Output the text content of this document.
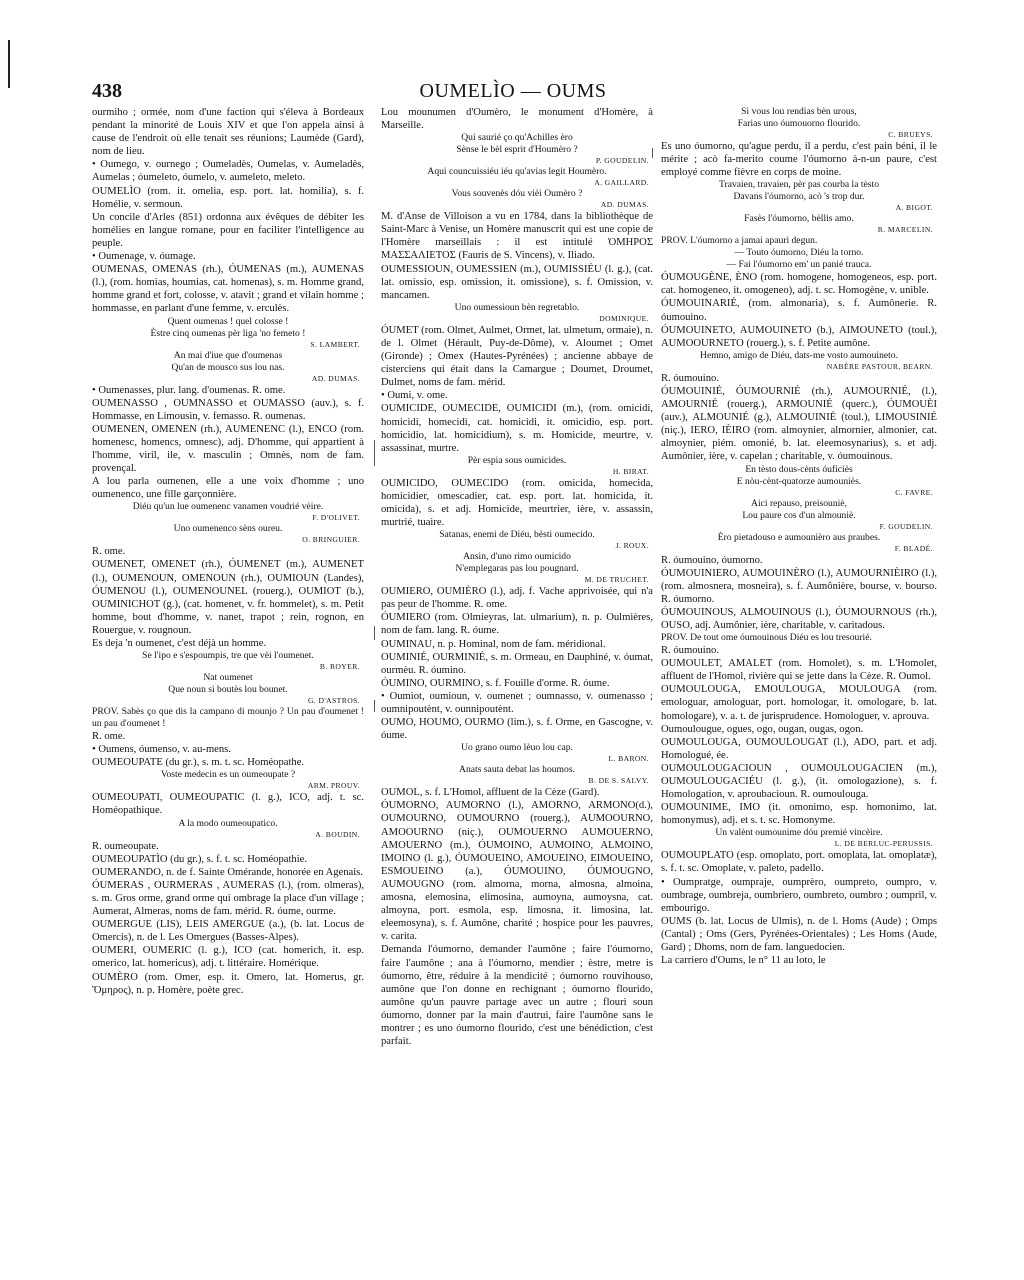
438	OUMELÌO — OUMS

ourmiho ; ormée, nom d'une faction qui s'éleva à Bordeaux pendant la minorité de Louis XIV et que l'on appela ainsi à cause de l'endroit où elle tenait ses réunions; Laumède (Gard), nom de lieu.

• Oumego, v. ournego ; Oumeladès, Oumelas, v. Aumeladès, Aumelas ; óumeleto, óumelo, v. aumeleto, meleto.

OUMELÌO (rom. it. omelia, esp. port. lat. homilia), s. f. Homélie, v. sermoun.

Un concile d'Arles (851) ordonna aux évêques de débiter les homélies en langue romane, pour en faciliter l'intelligence au peuple.

• Oumenage, v. óumage.

OUMENAS, OMENAS (rh.), ÓUMENAS (m.), AUMENAS (l.), (rom. homias, houmias, cat. homenas), s. m. Homme grand, homme grand et fort, colosse, v. atavit ; grand et vilain homme ; hommasse, en parlant d'une femme, v. erculès.

Quent oumenas ! quel colosse !

Èstre cinq oumenas pèr liga 'no femeto !

S. LAMBERT.

An mai d'iue que d'oumenas

Qu'an de mousco sus lou nas.

AD. DUMAS.

• Oumenasses, plur. lang. d'oumenas. R. ome.

OUMENASSO , OUMNASSO et OUMASSO (auv.), s. f. Hommasse, en Limousin, v. femasso. R. oumenas.

OUMENEN, OMENEN (rh.), AUMENENC (l.), ENCO (rom. homenesc, homencs, omnesc), adj. D'homme, qui appartient à l'homme, viril, ile, v. masculin ; Omnès, nom de fam. provençal.

A lou parla oumenen, elle a une voix d'homme ; uno oumenenco, une fille garçonnière.

Diéu qu'un lue oumenenc vanamen voudrié vèire.

F. D'OLIVET.

Uno oumenenco sèns oureu.

O. BRINGUIER.

R. ome.

OUMENET, OMENET (rh.), ÓUMENET (m.), AUMENET (l.), OUMENOUN, OMENOUN (rh.), OUMIOUN (Landes), ÓUMENOU (l.), OUMENOUNEL (rouerg.), OUMIOT (b.), OUMINICHOT (g.), (cat. homenet, v. fr. hommelet), s. m. Petit homme, bout d'homme, v. nanet, trapot ; rein, rognon, en Rouergue, v. rougnoun.

Es deja 'n oumenet, c'est déjà un homme.

Se l'ipo e s'espoumpis, tre que vèi l'oumenet.

B. ROYER.

Nat oumenet

Que noun si boutès lou bounet.

G. D'ASTROS.

PROV. Sabès ço que dis la campano di mounjo ? Un pau d'oumenet ! un pau d'oumenet !

R. ome.

• Oumens, óumenso, v. au-mens.

OUMEOUPATE (du gr.), s. m. t. sc. Homéopathe.

Voste medecin es un oumeoupate ?

ARM. PROUV.

OUMEOUPATI, OUMEOUPATIC (l. g.), ICO, adj. t. sc. Homéopathique.

A la modo oumeoupatico.

A. BOUDIN.

R. oumeoupate.

OUMEOUPATÌO (du gr.), s. f. t. sc. Homéopathie.

OUMERANDO, n. de f. Sainte Omérande, honorée en Agenais.

ÓUMERAS , OURMERAS , AUMERAS (l.), (rom. olmeras), s. m. Gros orme, grand orme qui ombrage la place d'un village ; Aumerat, Almeras, noms de fam. mérid. R. óume, ourme.

OUMERGUE (LIS), LEIS AMERGUE (a.), (b. lat. Locus de Omercis), n. de l. Les Omergues (Basses-Alpes).

OUMERI, OUMERIC (l. g.), ICO (cat. homerich, it. esp. omerico, lat. homericus), adj. t. littéraire. Homérique.

OUMÈRO (rom. Omer, esp. it. Omero, lat. Homerus, gr. Ὅμηρος), n. p. Homère, poète grec.

Lou mounumen d'Oumèro, le monument d'Homère, à Marseille.

Qui saurié ço qu'Achilles èro

Sènse le bèl esprit d'Houmèro ?

P. GOUDELIN.

Aqui councuissiéu iéu qu'avias legit Houmèro.

A. GAILLARD.

Vous souvenès dóu vièi Oumèro ?

AD. DUMAS.

M. d'Anse de Villoison a vu en 1784, dans la bibliothèque de Saint-Marc à Venise, un Homère manuscrit qui est une copie de l'Homère marseillais : il est intitulé ὉΜΗΡΟΣ ΜΑΣΣΑΛΙΕΤΟΣ (Fauris de S. Vincens), v. Iliado.

OUMESSIOUN, OUMESSIEN (m.), OUMISSIÉU (l. g.), (cat. lat. omissio, esp. omission, it. omissione), s. f. Omission, v. mancamen.

Uno oumessioun bèn regretablo.

DOMINIQUE.

ÓUMET (rom. Olmet, Aulmet, Ormet, lat. ulmetum, ormaie), n. de l. Olmet (Hérault, Puy-de-Dôme), v. Aloumet ; Omet (Gironde) ; Omex (Hautes-Pyrénées) ; ancienne abbaye de cisterciens qui était dans la Camargue ; Doumet, Droumet, Dulmet, noms de fam. mérid.

• Oumi, v. ome.

OUMICIDE, OUMECIDE, OUMICIDI (m.), (rom. omicidi, homicidi, homecidi, cat. homicidi, it. omicidio, esp. port. homicidio, lat. homicidium), s. m. Homicide, meurtre, v. assassinat, murtre.

Pèr espia sous oumicides.

H. BIRAT.

OUMICIDO, OUMECIDO (rom. omicida, homecida, homicidier, omescadier, cat. esp. port. lat. homicida, it. omicida), s. et adj. Homicide, meurtrier, ière, v. assassin, murtrié, tuaire.

Satanas, enemi de Diéu, bèsti oumecido.

J. ROUX.

Ansin, d'uno rimo oumicido

N'emplegaras pas lou pougnard.

M. DE TRUCHET.

OUMIERO, OUMIÈRO (l.), adj. f. Vache apprivoisée, qui n'a pas peur de l'homme. R. ome.

ÓUMIERO (rom. Olmieyras, lat. ulmarium), n. p. Oulmières, nom de fam. lang. R. óume.

OUMINAU, n. p. Hominal, nom de fam. méridional.

OUMINIÉ, OURMINIÉ, s. m. Ormeau, en Dauphiné, v. óumat, ourmèu. R. óumino.

ÓUMINO, OURMINO, s. f. Fouille d'orme. R. óume.

• Oumiot, oumioun, v. oumenet ; oumnasso, v. oumenasso ; oumnipoutènt, v. ounnipoutènt.

OUMO, HOUMO, OURMO (lim.), s. f. Orme, en Gascogne, v. óume.

Uo grano oumo lèuo lou cap.

L. BARON.

Anats sauta debat las houmos.

B. DE S. SALVY.

OUMOL, s. f. L'Homol, affluent de la Cèze (Gard).

ÓUMORNO, AUMORNO (l.), AMORNO, ARMONO(d.), OUMOURNO, OUMOURNO (rouerg.), AUMOOURNO, AMOOURNO (niç.), OUMOUERNO AUMOUERNO, AMOUERNO (m.), ÓUMOINO, AUMOINO, ALMOINO, IMOINO (l. g.), ÓUMOUEINO, AMOUEINO, EIMOUEINO, ESMOUEINO (a.), ÓUMOUINO, ÓUMOUGNO, AUMOUGNO (rom. almorna, morna, almosna, almoina, amosna, elemosina, elimosina, aumoyna, aumoysna, cat. almoyna, port. esmola, esp. limosna, it. limosina, lat. eleemosyna), s. f. Aumône, charité ; hospice pour les pauvres, v. carita.

Demanda l'óumorno, demander l'aumône ; faire l'óumorno, faire l'aumône ; ana à l'óumorno, mendier ; èstre, metre is óumorno, être, réduire à la mendicité ; óumorno rouvihouso, aumône que l'on donne en rechignant ; óumorno flourido, aumône qu'un pauvre partage avec un autre ; flouri soun óumorno, donner par la main d'autrui, faire l'aumône sans le montrer ; es uno óumorno flourido, c'est une bénédiction, c'est parfait.

Si vous lou rendias bèn urous,

Farias uno óumouorno flourido.

C. BRUEYS.

Es uno óumorno, qu'ague perdu, il a perdu, c'est pain béni, il le mérite ; acò fa-merito coume l'óumorno à-n-un paure, c'est employé comme fièvre en corps de moine.

Travaien, travaien, pèr pas courba la tèsto

Davans l'óumorno, acò 's trop dur.

A. BIGOT.

Fasès l'óumorno, bèllis amo.

R. MARCELIN.

PROV. L'óumorno a jamai apauri degun.

— Touto óumorno, Diéu la torno.

— Fai l'óumorno em' un panié trauca.

ÓUMOUGÈNE, ÈNO (rom. homogene, homogeneos, esp. port. cat. homogeneo, it. omogeneo), adj. t. sc. Homogène, v. unible.

ÓUMOUINARIÉ, (rom. almonaria), s. f. Aumônerie. R. óumouino.

ÓUMOUINETO, AUMOUINETO (b.), AIMOUNETO (toul.), AUMOOURNETO (rouerg.), s. f. Petite aumône.

Hemno, amigo de Diéu, dats-me vosto aumouineto.

NABÈRE PASTOUR, BEARN.

R. óumouino.

ÓUMOUINIÉ, ÓUMOURNIÉ (rh.), AUMOURNIÉ, (l.), AMOURNIÉ (rouerg.), ARMOUNIÉ (querc.), ÓUMOUÈI (auv.), ALMOUNIÉ (g.), ALMOUINIÉ (toul.), LIMOUSINIÉ (niç.), IERO, IÈIRO (rom. almoynier, almornier, almonier, cat. almoynier, piém. omonié, b. lat. eleemosynarius), s. et adj. Aumônier, ière, v. capelan ; charitable, v. óumouinous.

En tèsto dous-cènts óuficiès

E nòu-cènt-quatorze aumouniès.

C. FAVRE.

Aici repauso, preisouniè,

Lou paure cos d'un almouniè.

F. GOUDELIN.

Èro pietadouso e aumounièro aus praubes.

F. BLADÉ.

R. óumouino, óumorno.

ÓUMOUINIERO, AUMOUINÈRO (l.), AUMOURNIÈIRO (l.), (rom. almosnera, mosneira), s. f. Aumônière, bourse, v. bourso. R. óumorno.

ÓUMOUINOUS, ALMOUINOUS (l.), ÓUMOURNOUS (rh.), OUSO, adj. Aumônier, ière, charitable, v. caritadous.

PROV. De tout ome óumouinous Diéu es lou tresourié.

R. óumouino.

OUMOULET, AMALET (rom. Homolet), s. m. L'Homolet, affluent de l'Homol, rivière qui se jette dans la Cèze. R. Oumol.

OUMOULOUGA, EMOULOUGA, MOULOUGA (rom. emologuar, amologuar, port. homologar, it. omologare, b. lat. homologare), v. a. t. de jurisprudence. Homologuer, v. aprouva.

Oumoulougue, ogues, ogo, ougan, ougas, ogon.

OUMOULOUGA, OUMOULOUGAT (l.), ADO, part. et adj. Homologué, ée.

OUMOULOUGACIOUN , OUMOULOUGACIEN (m.), OUMOULOUGACIÉU (l. g.), (it. omologazione), s. f. Homologation, v. aproubacioun. R. oumoulouga.

OUMOUNIME, IMO (it. omonimo, esp. homonimo, lat. homonymus), adj. et s. t. sc. Homonyme.

Un valènt oumounime dóu premié vincèire.

L. DE BERLUC-PERUSSIS.

OUMOUPLATO (esp. omoplato, port. omoplata, lat. omoplatæ), s. f. t. sc. Omoplate, v. paleto, padello.

• Oumpratge, oumpraje, oumprèro, oumpreto, oumpro, v. oumbrage, oumbreja, oumbriero, oumbreto, oumbro ; oumpril, v. embourigo.

OUMS (b. lat. Locus de Ulmis), n. de l. Homs (Aude) ; Omps (Cantal) ; Oms (Gers, Pyrénées-Orientales) ; Les Homs (Aude, Gard) ; Dhoms, nom de fam. languedocien.

La carriero d'Oums, le n° 11 au loto, le
